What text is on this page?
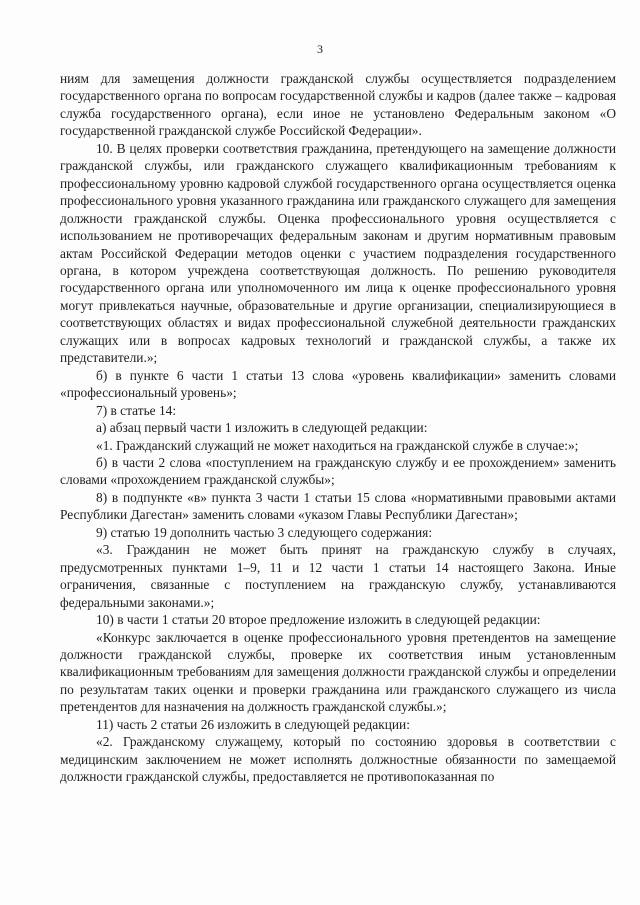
3

ниям для замещения должности гражданской службы осуществляется подразделением государственного органа по вопросам государственной службы и кадров (далее также – кадровая служба государственного органа), если иное не установлено Федеральным законом «О государственной гражданской службе Российской Федерации».

10. В целях проверки соответствия гражданина, претендующего на замещение должности гражданской службы, или гражданского служащего квалификационным требованиям к профессиональному уровню кадровой службой государственного органа осуществляется оценка профессионального уровня указанного гражданина или гражданского служащего для замещения должности гражданской службы. Оценка профессионального уровня осуществляется с использованием не противоречащих федеральным законам и другим нормативным правовым актам Российской Федерации методов оценки с участием подразделения государственного органа, в котором учреждена соответствующая должность. По решению руководителя государственного органа или уполномоченного им лица к оценке профессионального уровня могут привлекаться научные, образовательные и другие организации, специализирующиеся в соответствующих областях и видах профессиональной служебной деятельности гражданских служащих или в вопросах кадровых технологий и гражданской службы, а также их представители.»;

б) в пункте 6 части 1 статьи 13 слова «уровень квалификации» заменить словами «профессиональный уровень»;

7) в статье 14:

а) абзац первый части 1 изложить в следующей редакции:

«1. Гражданский служащий не может находиться на гражданской службе в случае:»;

б) в части 2 слова «поступлением на гражданскую службу и ее прохождением» заменить словами «прохождением гражданской службы»;

8) в подпункте «в» пункта 3 части 1 статьи 15 слова «нормативными правовыми актами Республики Дагестан» заменить словами «указом Главы Республики Дагестан»;

9) статью 19 дополнить частью 3 следующего содержания:

«3. Гражданин не может быть принят на гражданскую службу в случаях, предусмотренных пунктами 1–9, 11 и 12 части 1 статьи 14 настоящего Закона. Иные ограничения, связанные с поступлением на гражданскую службу, устанавливаются федеральными законами.»;

10) в части 1 статьи 20 второе предложение изложить в следующей редакции:

«Конкурс заключается в оценке профессионального уровня претендентов на замещение должности гражданской службы, проверке их соответствия иным установленным квалификационным требованиям для замещения должности гражданской службы и определении по результатам таких оценки и проверки гражданина или гражданского служащего из числа претендентов для назначения на должность гражданской службы.»;

11) часть 2 статьи 26 изложить в следующей редакции:

«2. Гражданскому служащему, который по состоянию здоровья в соответствии с медицинским заключением не может исполнять должностные обязанности по замещаемой должности гражданской службы, предоставляется не противопоказанная по
